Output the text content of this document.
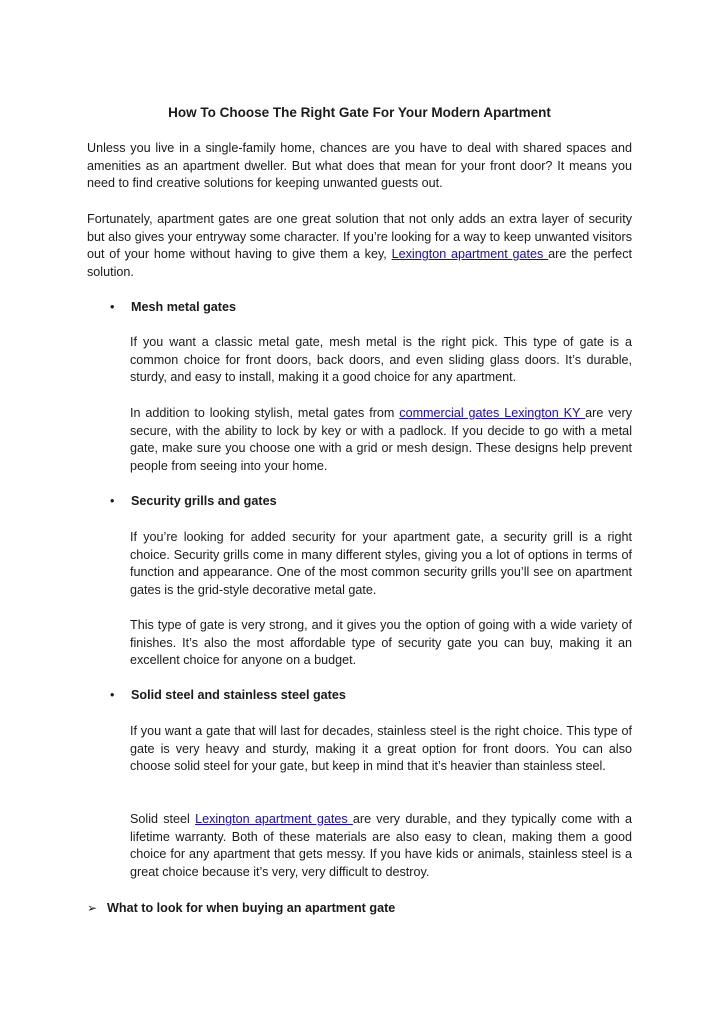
How To Choose The Right Gate For Your Modern Apartment

Unless you live in a single-family home, chances are you have to deal with shared spaces and amenities as an apartment dweller. But what does that mean for your front door? It means you need to find creative solutions for keeping unwanted guests out.

Fortunately, apartment gates are one great solution that not only adds an extra layer of security but also gives your entryway some character. If you’re looking for a way to keep unwanted visitors out of your home without having to give them a key, Lexington apartment gates are the perfect solution.

•	Mesh metal gates

If you want a classic metal gate, mesh metal is the right pick. This type of gate is a common choice for front doors, back doors, and even sliding glass doors. It’s durable, sturdy, and easy to install, making it a good choice for any apartment.

In addition to looking stylish, metal gates from commercial gates Lexington KY are very secure, with the ability to lock by key or with a padlock. If you decide to go with a metal gate, make sure you choose one with a grid or mesh design. These designs help prevent people from seeing into your home.

•	Security grills and gates

If you’re looking for added security for your apartment gate, a security grill is a right choice. Security grills come in many different styles, giving you a lot of options in terms of function and appearance. One of the most common security grills you’ll see on apartment gates is the grid-style decorative metal gate.

This type of gate is very strong, and it gives you the option of going with a wide variety of finishes. It’s also the most affordable type of security gate you can buy, making it an excellent choice for anyone on a budget.

•	Solid steel and stainless steel gates

If you want a gate that will last for decades, stainless steel is the right choice. This type of gate is very heavy and sturdy, making it a great option for front doors. You can also choose solid steel for your gate, but keep in mind that it’s heavier than stainless steel.

Solid steel Lexington apartment gates are very durable, and they typically come with a lifetime warranty. Both of these materials are also easy to clean, making them a good choice for any apartment that gets messy. If you have kids or animals, stainless steel is a great choice because it’s very, very difficult to destroy.

➢ What to look for when buying an apartment gate
